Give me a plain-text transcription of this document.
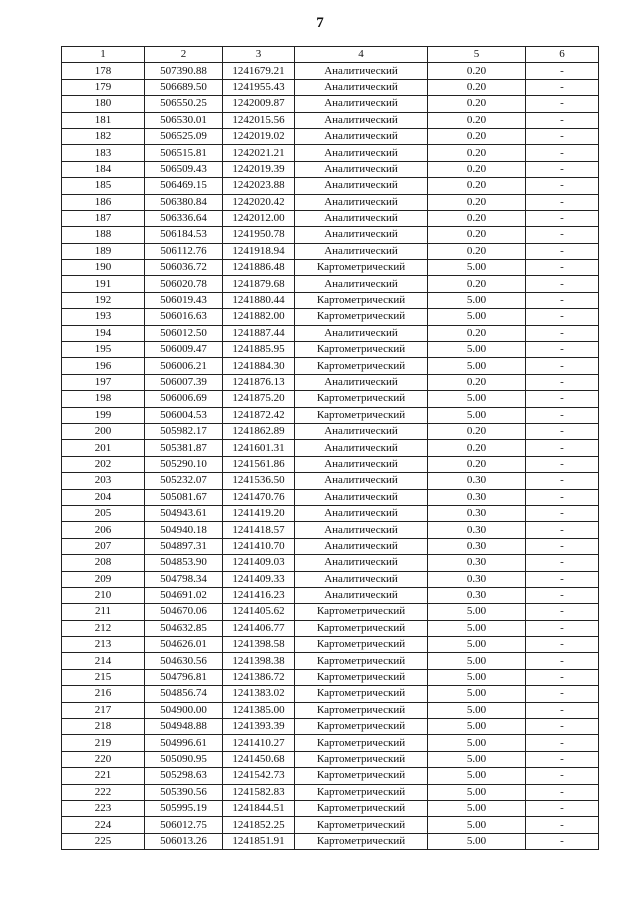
7
1	2	3	4	5	6
178	507390.88	1241679.21	Аналитический	0.20	-
179	506689.50	1241955.43	Аналитический	0.20	-
180	506550.25	1242009.87	Аналитический	0.20	-
181	506530.01	1242015.56	Аналитический	0.20	-
182	506525.09	1242019.02	Аналитический	0.20	-
183	506515.81	1242021.21	Аналитический	0.20	-
184	506509.43	1242019.39	Аналитический	0.20	-
185	506469.15	1242023.88	Аналитический	0.20	-
186	506380.84	1242020.42	Аналитический	0.20	-
187	506336.64	1242012.00	Аналитический	0.20	-
188	506184.53	1241950.78	Аналитический	0.20	-
189	506112.76	1241918.94	Аналитический	0.20	-
190	506036.72	1241886.48	Картометрический	5.00	-
191	506020.78	1241879.68	Аналитический	0.20	-
192	506019.43	1241880.44	Картометрический	5.00	-
193	506016.63	1241882.00	Картометрический	5.00	-
194	506012.50	1241887.44	Аналитический	0.20	-
195	506009.47	1241885.95	Картометрический	5.00	-
196	506006.21	1241884.30	Картометрический	5.00	-
197	506007.39	1241876.13	Аналитический	0.20	-
198	506006.69	1241875.20	Картометрический	5.00	-
199	506004.53	1241872.42	Картометрический	5.00	-
200	505982.17	1241862.89	Аналитический	0.20	-
201	505381.87	1241601.31	Аналитический	0.20	-
202	505290.10	1241561.86	Аналитический	0.20	-
203	505232.07	1241536.50	Аналитический	0.30	-
204	505081.67	1241470.76	Аналитический	0.30	-
205	504943.61	1241419.20	Аналитический	0.30	-
206	504940.18	1241418.57	Аналитический	0.30	-
207	504897.31	1241410.70	Аналитический	0.30	-
208	504853.90	1241409.03	Аналитический	0.30	-
209	504798.34	1241409.33	Аналитический	0.30	-
210	504691.02	1241416.23	Аналитический	0.30	-
211	504670.06	1241405.62	Картометрический	5.00	-
212	504632.85	1241406.77	Картометрический	5.00	-
213	504626.01	1241398.58	Картометрический	5.00	-
214	504630.56	1241398.38	Картометрический	5.00	-
215	504796.81	1241386.72	Картометрический	5.00	-
216	504856.74	1241383.02	Картометрический	5.00	-
217	504900.00	1241385.00	Картометрический	5.00	-
218	504948.88	1241393.39	Картометрический	5.00	-
219	504996.61	1241410.27	Картометрический	5.00	-
220	505090.95	1241450.68	Картометрический	5.00	-
221	505298.63	1241542.73	Картометрический	5.00	-
222	505390.56	1241582.83	Картометрический	5.00	-
223	505995.19	1241844.51	Картометрический	5.00	-
224	506012.75	1241852.25	Картометрический	5.00	-
225	506013.26	1241851.91	Картометрический	5.00	-
